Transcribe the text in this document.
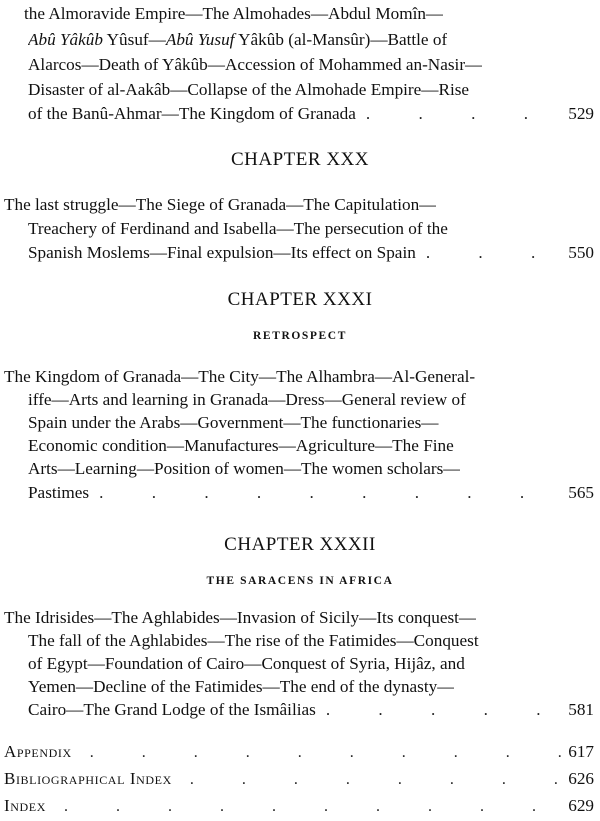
the Almoravide Empire—The Almohades—Abdul Momîn—
Abû Yâkûb Yûsuf—Abû Yusuf Yâkûb (al-Mansûr)—Battle of
Alarcos—Death of Yâkûb—Accession of Mohammed an-Nasir—
Disaster of al-Aakâb—Collapse of the Almohade Empire—Rise
of the Banû-Ahmar—The Kingdom of Granada . . .	529
CHAPTER XXX
The last struggle—The Siege of Granada—The Capitulation—
Treachery of Ferdinand and Isabella—The persecution of the
Spanish Moslems—Final expulsion—Its effect on Spain . . .	550
CHAPTER XXXI
RETROSPECT
The Kingdom of Granada—The City—The Alhambra—Al-General-
iffe—Arts and learning in Granada—Dress—General review of
Spain under the Arabs—Government—The functionaries—
Economic condition—Manufactures—Agriculture—The Fine
Arts—Learning—Position of women—The women scholars—
Pastimes . . .	565
CHAPTER XXXII
THE SARACENS IN AFRICA
The Idrisides—The Aghlabides—Invasion of Sicily—Its conquest—
The fall of the Aghlabides—The rise of the Fatimides—Conquest
of Egypt—Foundation of Cairo—Conquest of Syria, Hijâz, and
Yemen—Decline of the Fatimides—The end of the dynasty—
Cairo—The Grand Lodge of the Ismâilias . . .	581
Appendix . . .	617
Bibliographical Index . . .	626
Index . . .	629
